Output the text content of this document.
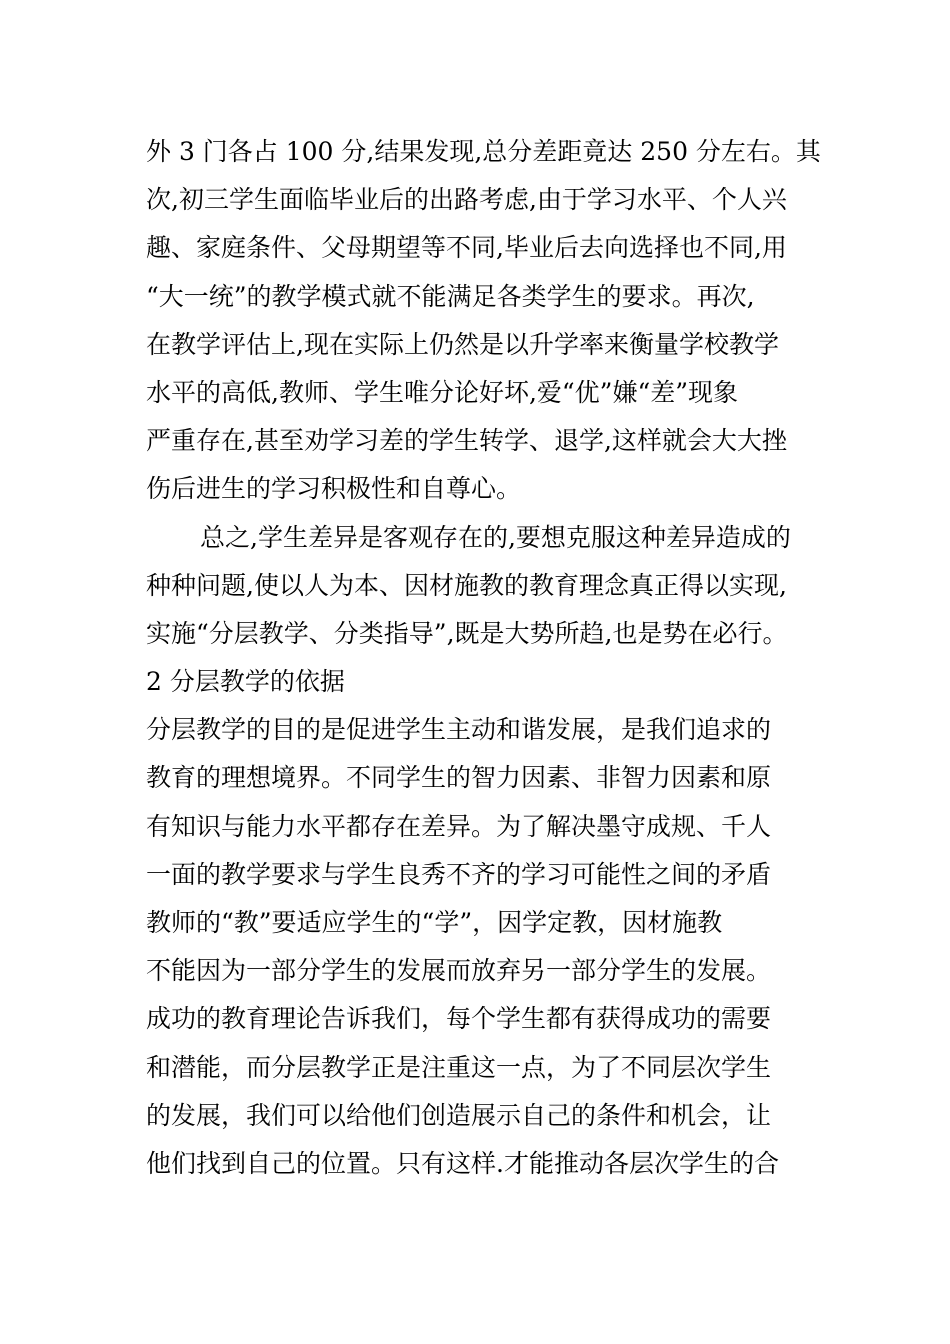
外 3 门各占 100 分,结果发现,总分差距竟达 250 分左右。其
次,初三学生面临毕业后的出路考虑,由于学习水平、个人兴
趣、家庭条件、父母期望等不同,毕业后去向选择也不同,用
“大一统”的教学模式就不能满足各类学生的要求。再次,
在教学评估上,现在实际上仍然是以升学率来衡量学校教学
水平的高低,教师、学生唯分论好坏,爱“优”嫌“差”现象
严重存在,甚至劝学习差的学生转学、退学,这样就会大大挫
伤后进生的学习积极性和自尊心。
总之,学生差异是客观存在的,要想克服这种差异造成的
种种问题,使以人为本、因材施教的教育理念真正得以实现,
实施“分层教学、分类指导”,既是大势所趋,也是势在必行。
2 分层教学的依据
分层教学的目的是促进学生主动和谐发展，是我们追求的
教育的理想境界。不同学生的智力因素、非智力因素和原
有知识与能力水平都存在差异。为了解决墨守成规、千人
一面的教学要求与学生良秀不齐的学习可能性之间的矛盾
教师的“教”要适应学生的“学”，因学定教，因材施教
不能因为一部分学生的发展而放弃另一部分学生的发展。
成功的教育理论告诉我们，每个学生都有获得成功的需要
和潜能，而分层教学正是注重这一点，为了不同层次学生
的发展，我们可以给他们创造展示自己的条件和机会，让
他们找到自己的位置。只有这样.才能推动各层次学生的合
